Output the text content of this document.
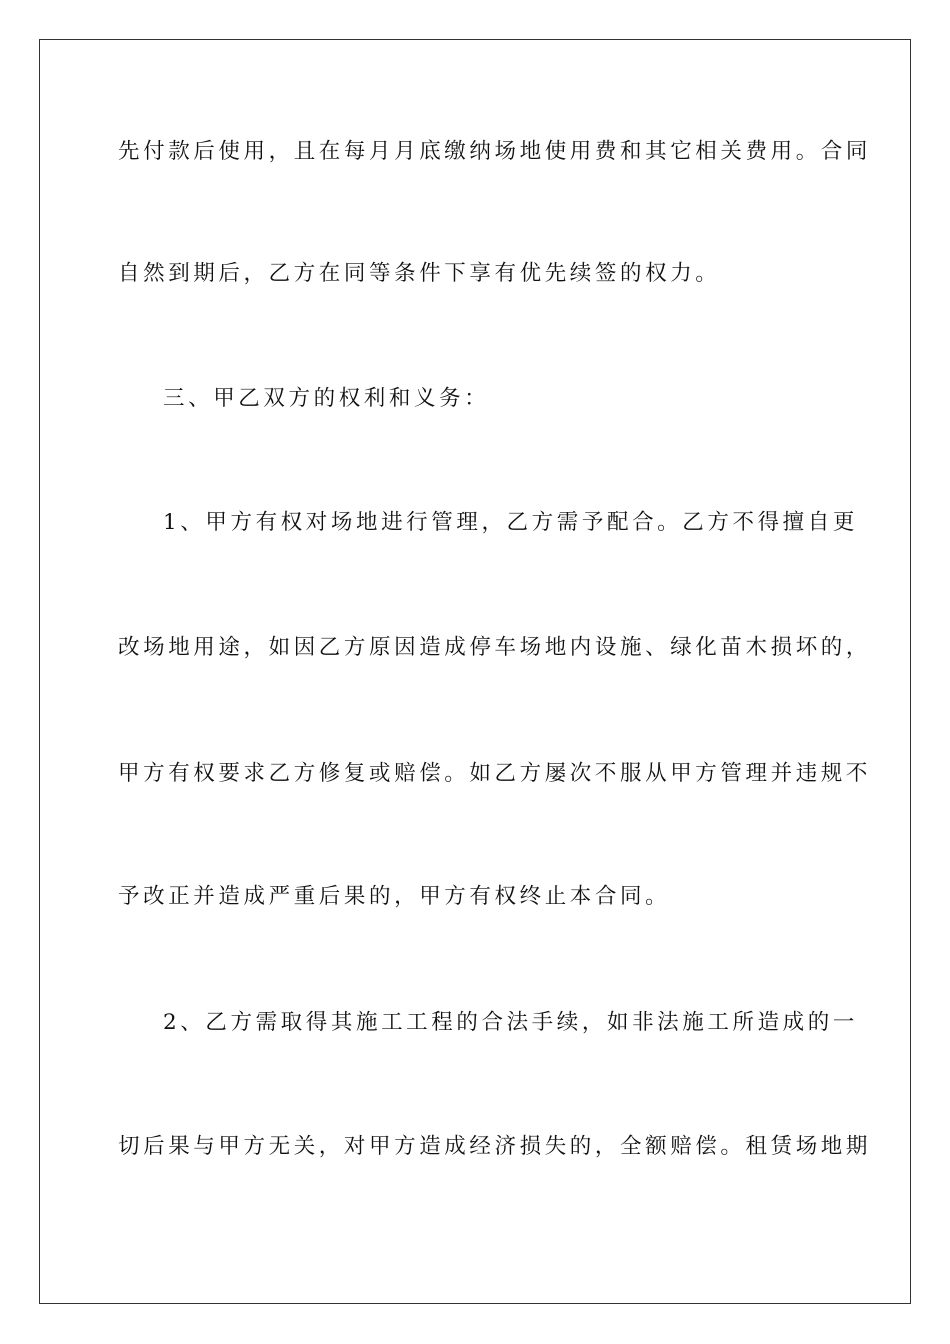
先付款后使用，且在每月月底缴纳场地使用费和其它相关费用。合同
自然到期后，乙方在同等条件下享有优先续签的权力。
三、甲乙双方的权利和义务：
1、甲方有权对场地进行管理，乙方需予配合。乙方不得擅自更
改场地用途，如因乙方原因造成停车场地内设施、绿化苗木损坏的，
甲方有权要求乙方修复或赔偿。如乙方屡次不服从甲方管理并违规不
予改正并造成严重后果的，甲方有权终止本合同。
2、乙方需取得其施工工程的合法手续，如非法施工所造成的一
切后果与甲方无关，对甲方造成经济损失的，全额赔偿。租赁场地期
